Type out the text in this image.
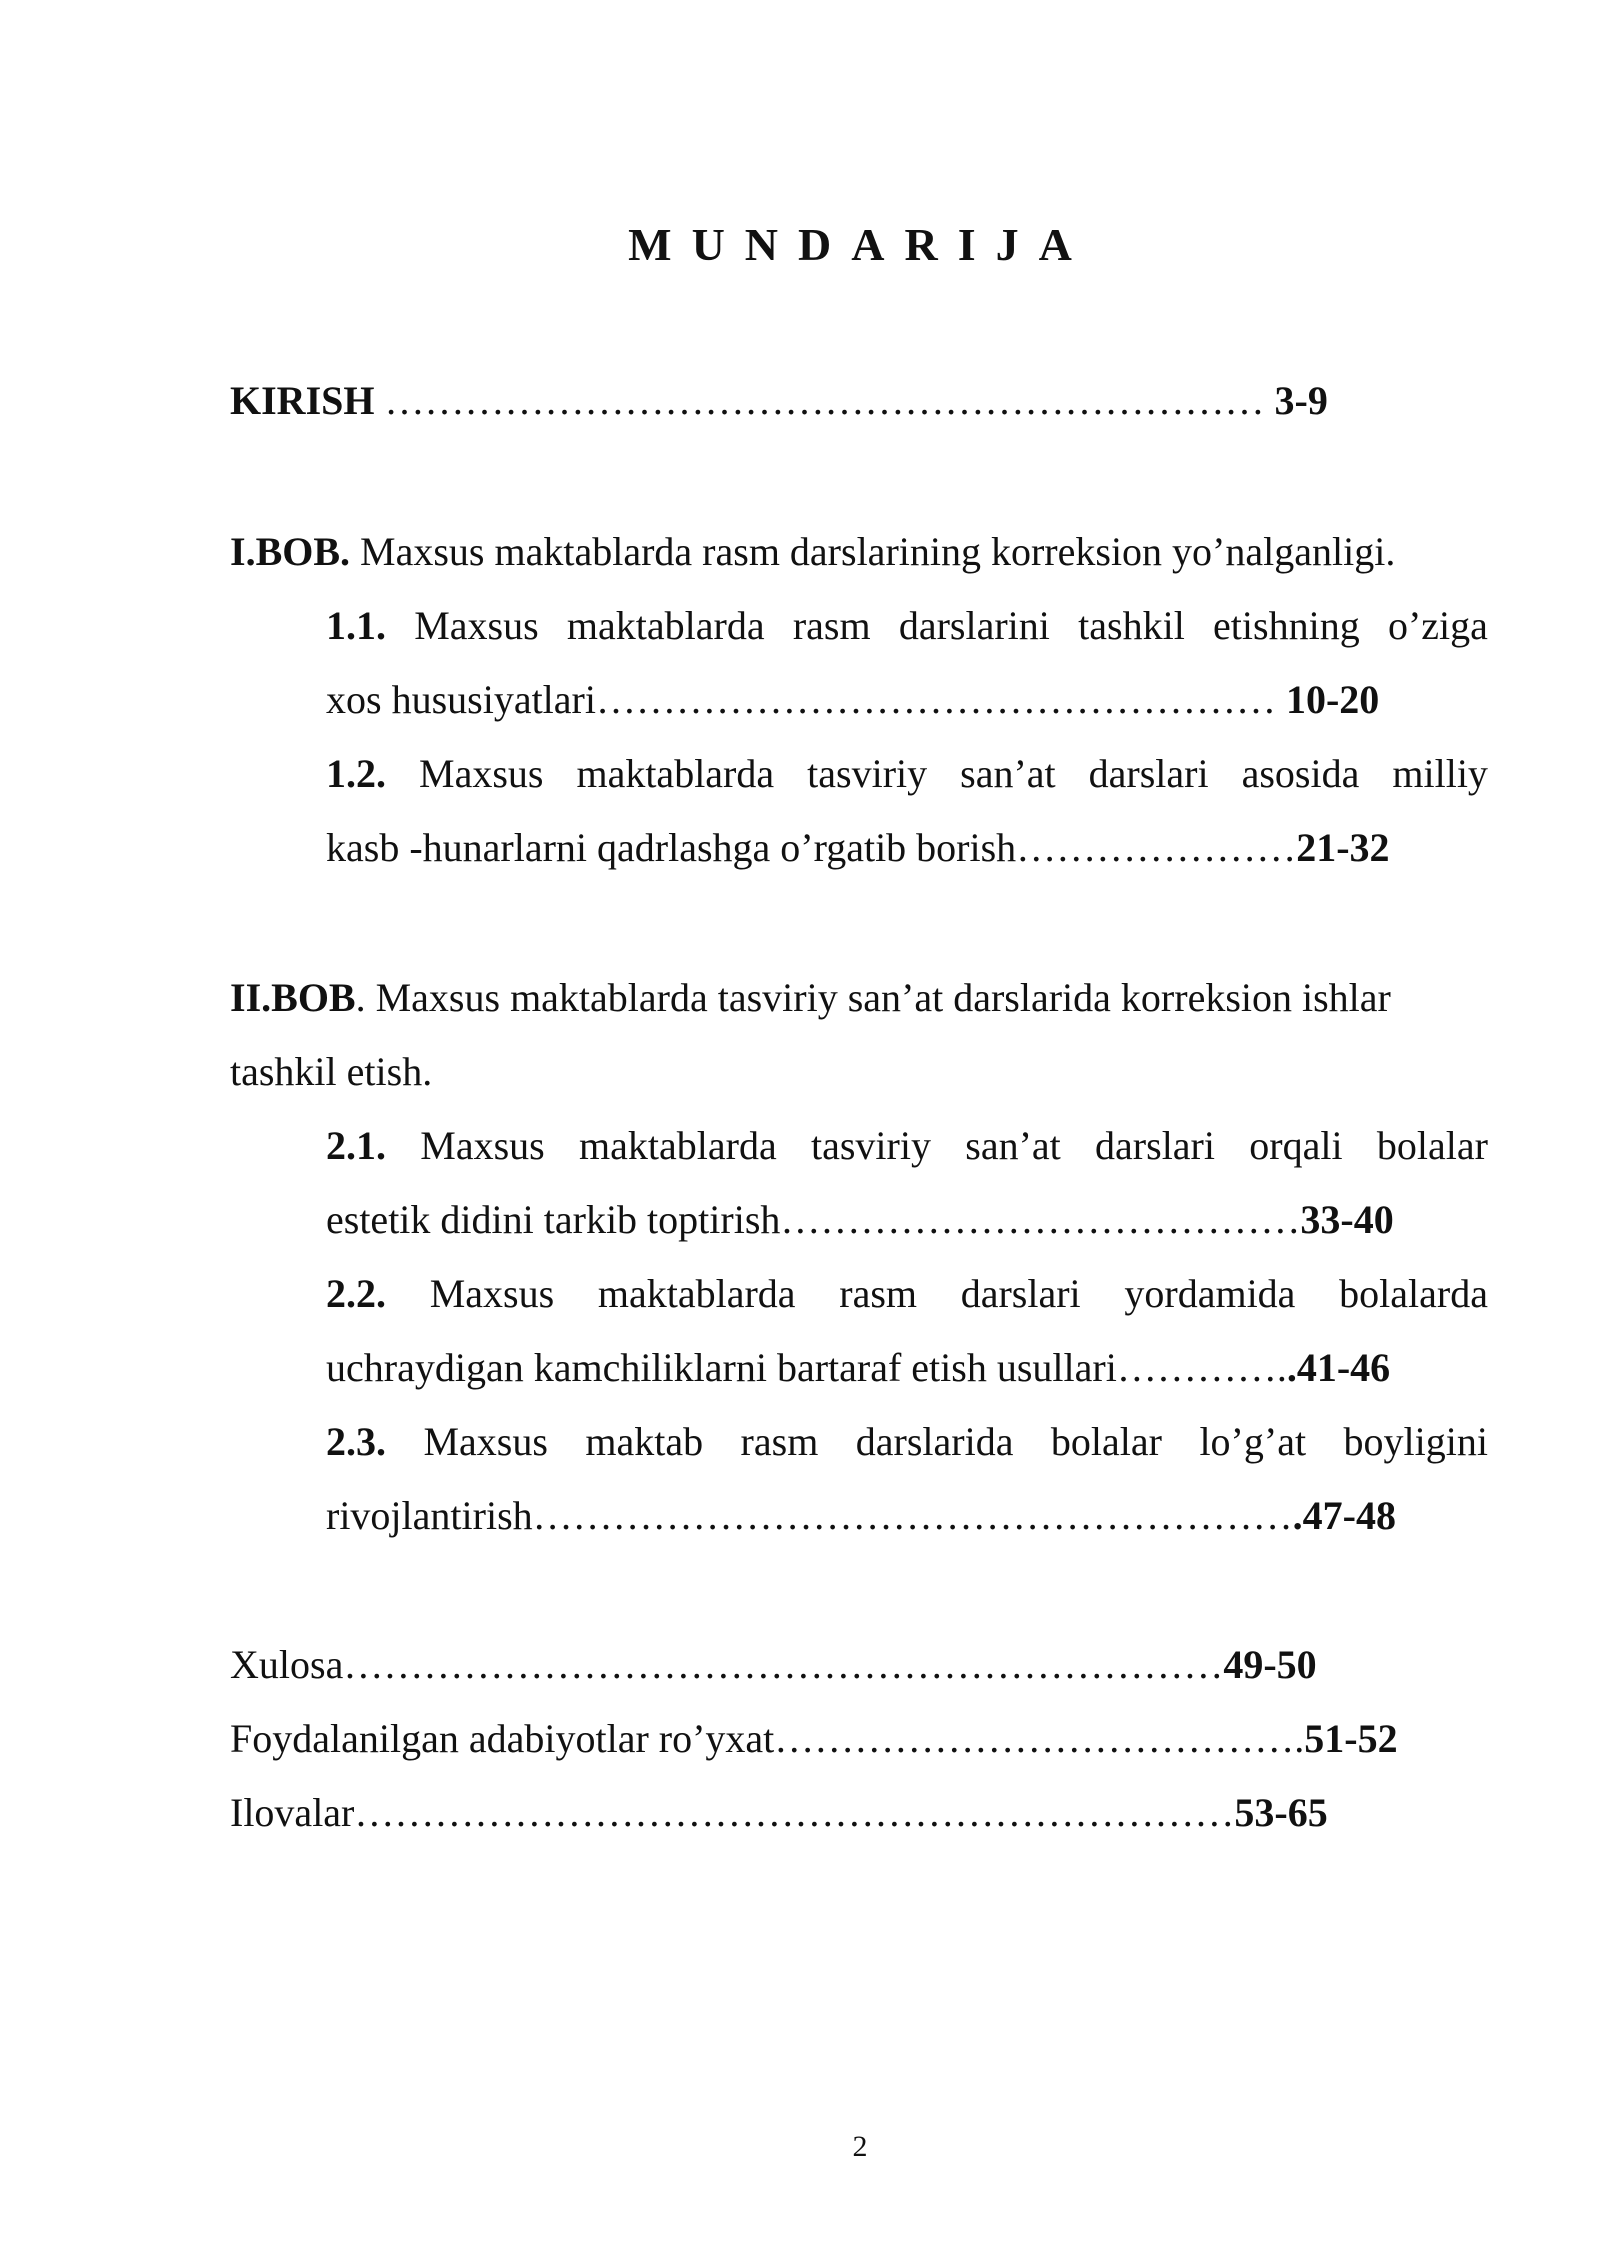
MUNDARIJA
KIRISH ………………………………………………………… 3-9
I.BOB. Maxsus maktablarda rasm darslarining korreksion yo’nalganligi.
1.1. Maxsus maktablarda rasm darslarini tashkil etishning o’ziga
xos hususiyatlari…………………………………………… 10-20
1.2. Maxsus maktablarda tasviriy san’at darslari asosida milliy
kasb -hunarlarni qadrlashga o’rgatib borish…………………21-32
II.BOB. Maxsus maktablarda tasviriy san’at darslarida korreksion ishlar
tashkil etish.
2.1. Maxsus maktablarda tasviriy san’at darslari orqali bolalar
estetik didini tarkib toptirish…………………………………33-40
2.2. Maxsus maktablarda rasm darslari yordamida bolalarda
uchraydigan kamchiliklarni bartaraf etish usullari…………..41-46
2.3. Maxsus maktab rasm darslarida bolalar lo’g’at boyligini
rivojlantirish………………………………………………….47-48
Xulosa…………………………………………………………49-50
Foydalanilgan adabiyotlar ro’yxat………………………………….51-52
Ilovalar…………………………………………………………53-65
2
